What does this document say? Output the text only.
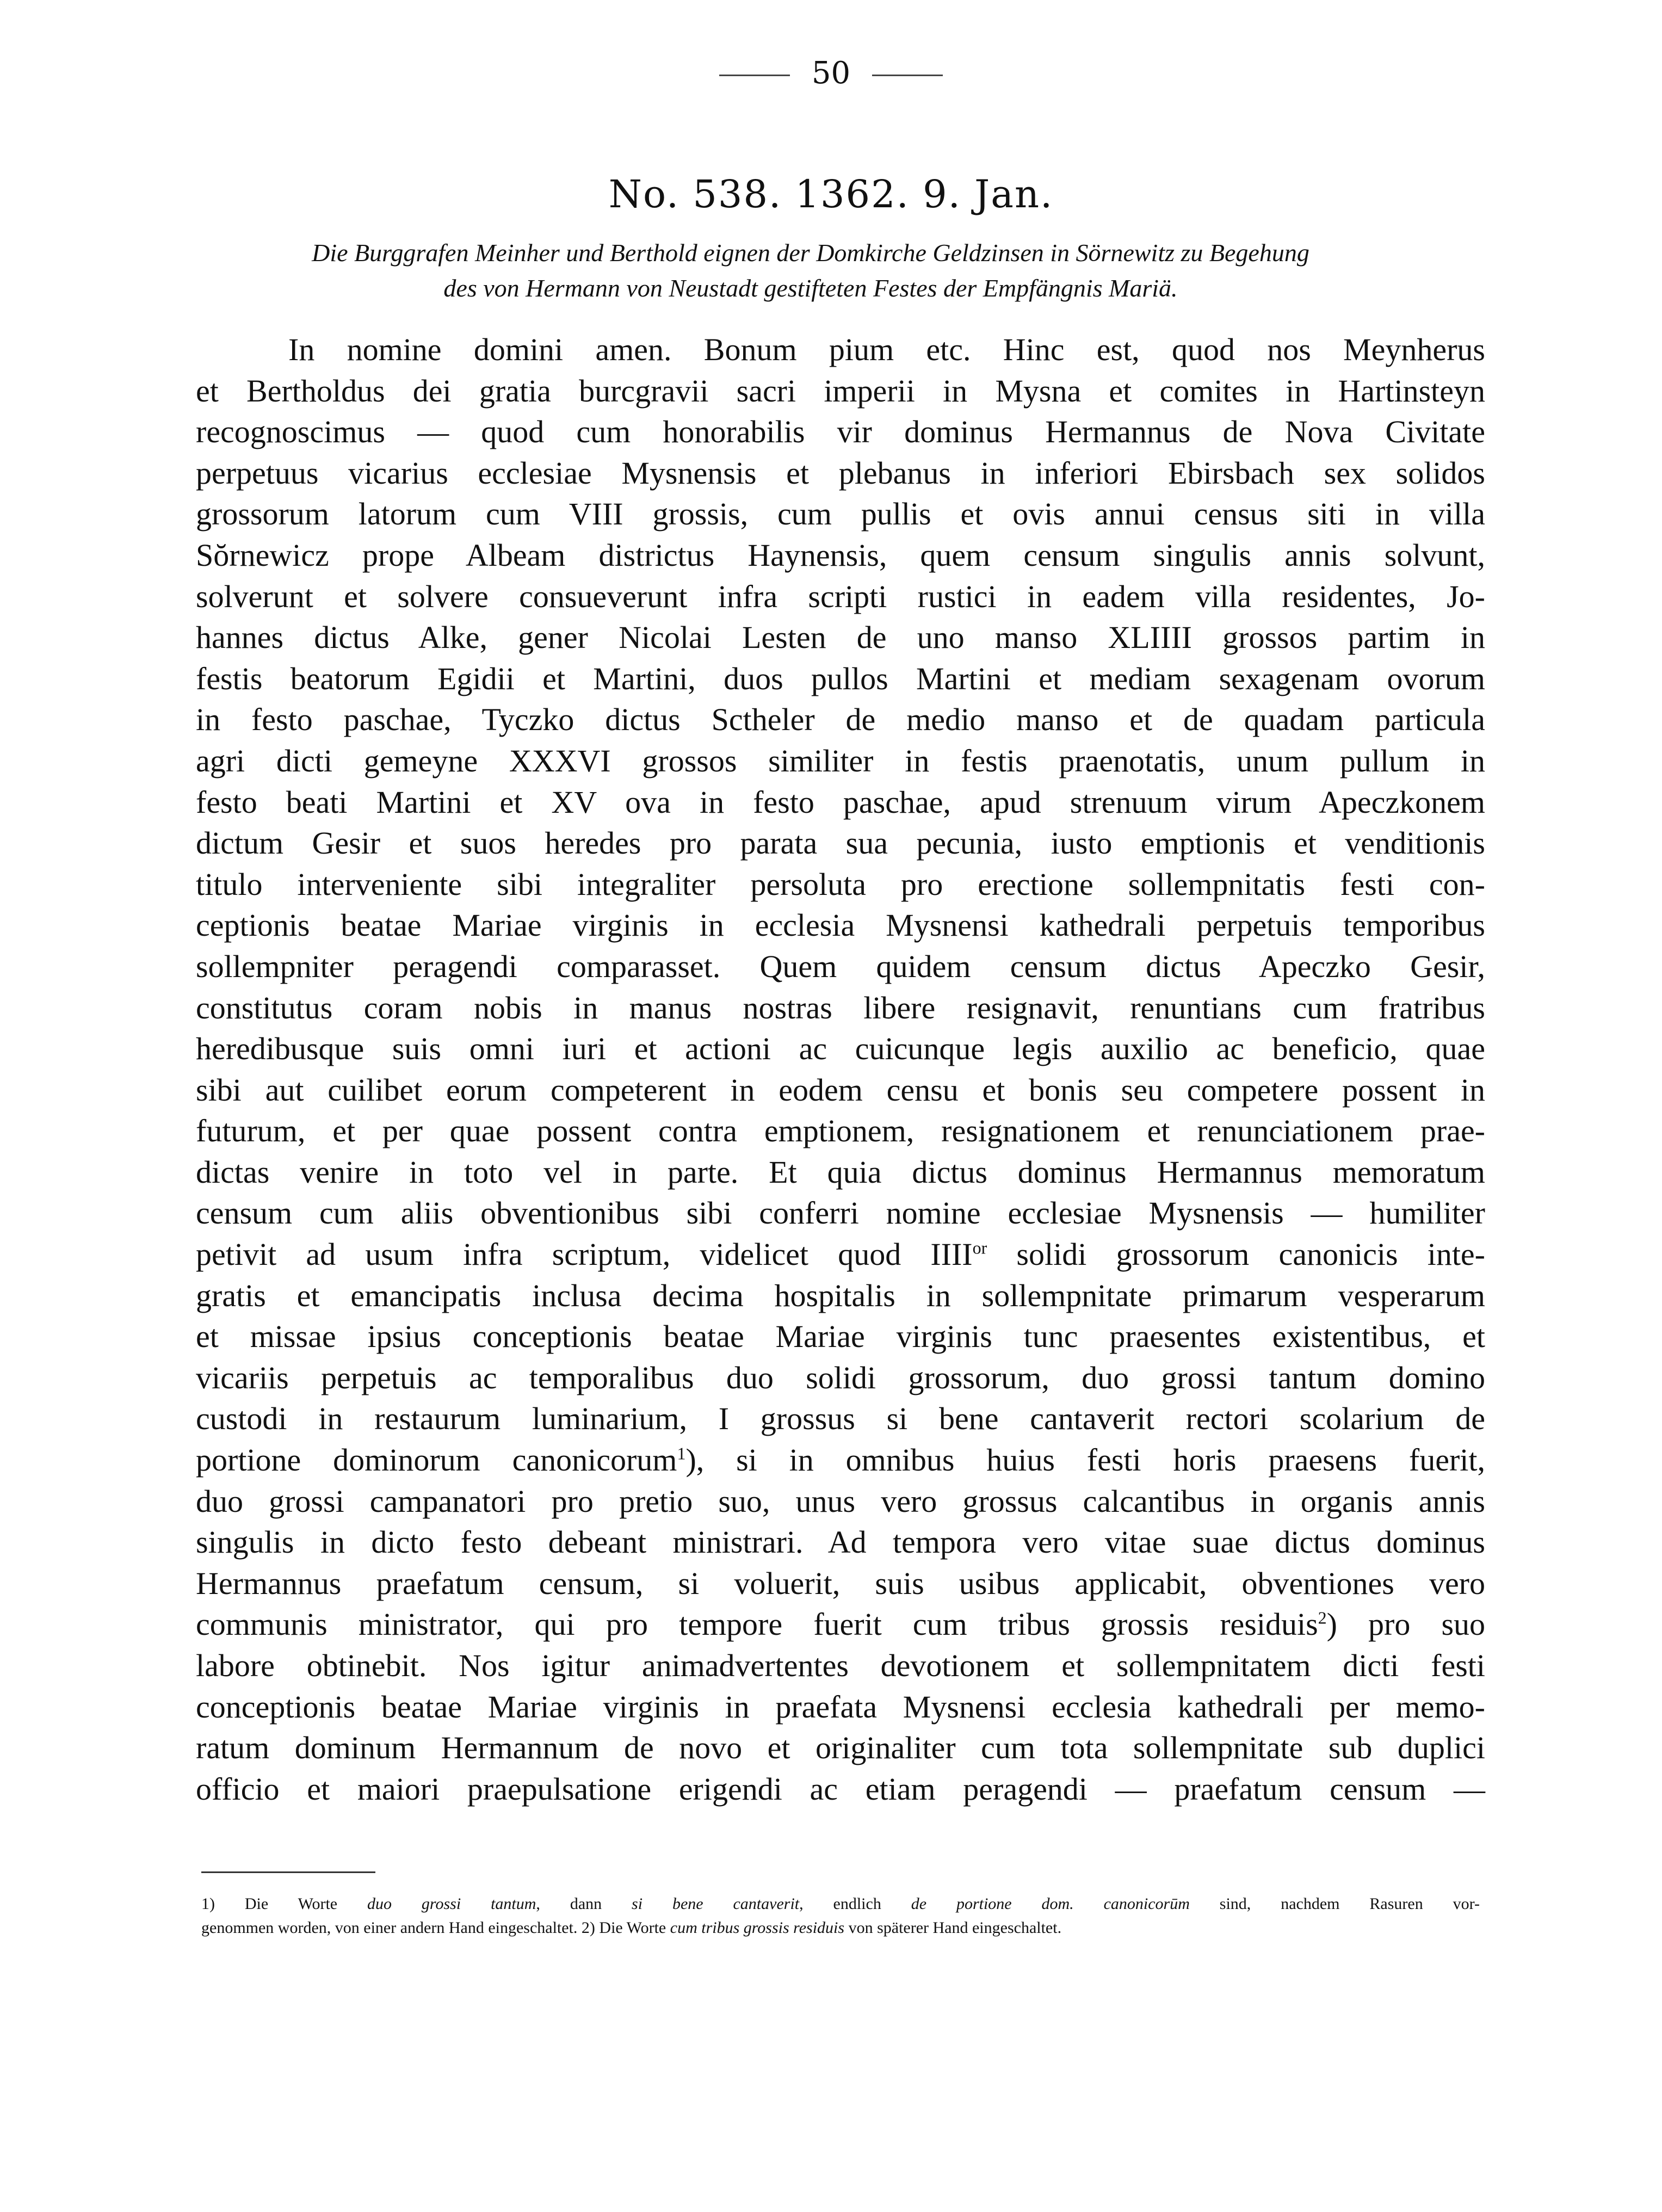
50
No. 538. 1362. 9. Jan.
Die Burggrafen Meinher und Berthold eignen der Domkirche Geldzinsen in Sörnewitz zu Begehung
des von Hermann von Neustadt gestifteten Festes der Empfängnis Mariä.
In nomine domini amen. Bonum pium etc. Hinc est, quod nos Meynherus
et Bertholdus dei gratia burcgravii sacri imperii in Mysna et comites in Hartinsteyn
recognoscimus — quod cum honorabilis vir dominus Hermannus de Nova Civitate
perpetuus vicarius ecclesiae Mysnensis et plebanus in inferiori Ebirsbach sex solidos
grossorum latorum cum VIII grossis, cum pullis et ovis annui census siti in villa
Sŏrnewicz prope Albeam districtus Haynensis, quem censum singulis annis solvunt,
solverunt et solvere consueverunt infra scripti rustici in eadem villa residentes, Jo-
hannes dictus Alke, gener Nicolai Lesten de uno manso XLIIII grossos partim in
festis beatorum Egidii et Martini, duos pullos Martini et mediam sexagenam ovorum
in festo paschae, Tyczko dictus Sctheler de medio manso et de quadam particula
agri dicti gemeyne XXXVI grossos similiter in festis praenotatis, unum pullum in
festo beati Martini et XV ova in festo paschae, apud strenuum virum Apeczkonem
dictum Gesir et suos heredes pro parata sua pecunia, iusto emptionis et venditionis
titulo interveniente sibi integraliter persoluta pro erectione sollempnitatis festi con-
ceptionis beatae Mariae virginis in ecclesia Mysnensi kathedrali perpetuis temporibus
sollempniter peragendi comparasset. Quem quidem censum dictus Apeczko Gesir,
constitutus coram nobis in manus nostras libere resignavit, renuntians cum fratribus
heredibusque suis omni iuri et actioni ac cuicunque legis auxilio ac beneficio, quae
sibi aut cuilibet eorum competerent in eodem censu et bonis seu competere possent in
futurum, et per quae possent contra emptionem, resignationem et renunciationem prae-
dictas venire in toto vel in parte. Et quia dictus dominus Hermannus memoratum
censum cum aliis obventionibus sibi conferri nomine ecclesiae Mysnensis — humiliter
petivit ad usum infra scriptum, videlicet quod $IIII^{or}$ solidi grossorum canonicis inte-
gratis et emancipatis inclusa decima hospitalis in sollempnitate primarum vesperarum
et missae ipsius conceptionis beatae Mariae virginis tunc praesentes existentibus, et
vicariis perpetuis ac temporalibus duo solidi grossorum, duo grossi tantum domino
custodi in restaurum luminarium, I grossus si bene cantaverit rectori scolarium de
portione dominorum canonicorum$^1$), si in omnibus huius festi horis praesens fuerit,
duo grossi campanatori pro pretio suo, unus vero grossus calcantibus in organis annis
singulis in dicto festo debeant ministrari. Ad tempora vero vitae suae dictus dominus
Hermannus praefatum censum, si voluerit, suis usibus applicabit, obventiones vero
communis ministrator, qui pro tempore fuerit cum tribus grossis residuis$^2$) pro suo
labore obtinebit. Nos igitur animadvertentes devotionem et sollempnitatem dicti festi
conceptionis beatae Mariae virginis in praefata Mysnensi ecclesia kathedrali per memo-
ratum dominum Hermannum de novo et originaliter cum tota sollempnitate sub duplici
officio et maiori praepulsatione erigendi ac etiam peragendi — praefatum censum —
1) Die Worte duo grossi tantum, dann si bene cantaverit, endlich de portione dom. canonicorūm sind, nachdem Rasuren vor-
genommen worden, von einer andern Hand eingeschaltet. 2) Die Worte cum tribus grossis residuis von späterer Hand eingeschaltet.
